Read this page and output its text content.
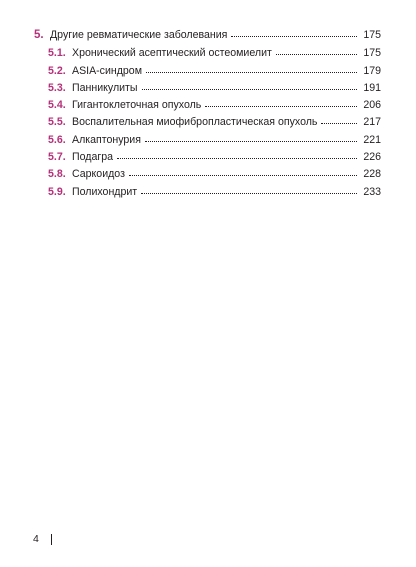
5. Другие ревматические заболевания	175
5.1. Хронический асептический остеомиелит	175
5.2. ASIA-синдром	179
5.3. Панникулиты	191
5.4. Гигантоклеточная опухоль	206
5.5. Воспалительная миофибропластическая опухоль	217
5.6. Алкаптонурия	221
5.7. Подагра	226
5.8. Саркоидоз	228
5.9. Полихондрит	233
4
